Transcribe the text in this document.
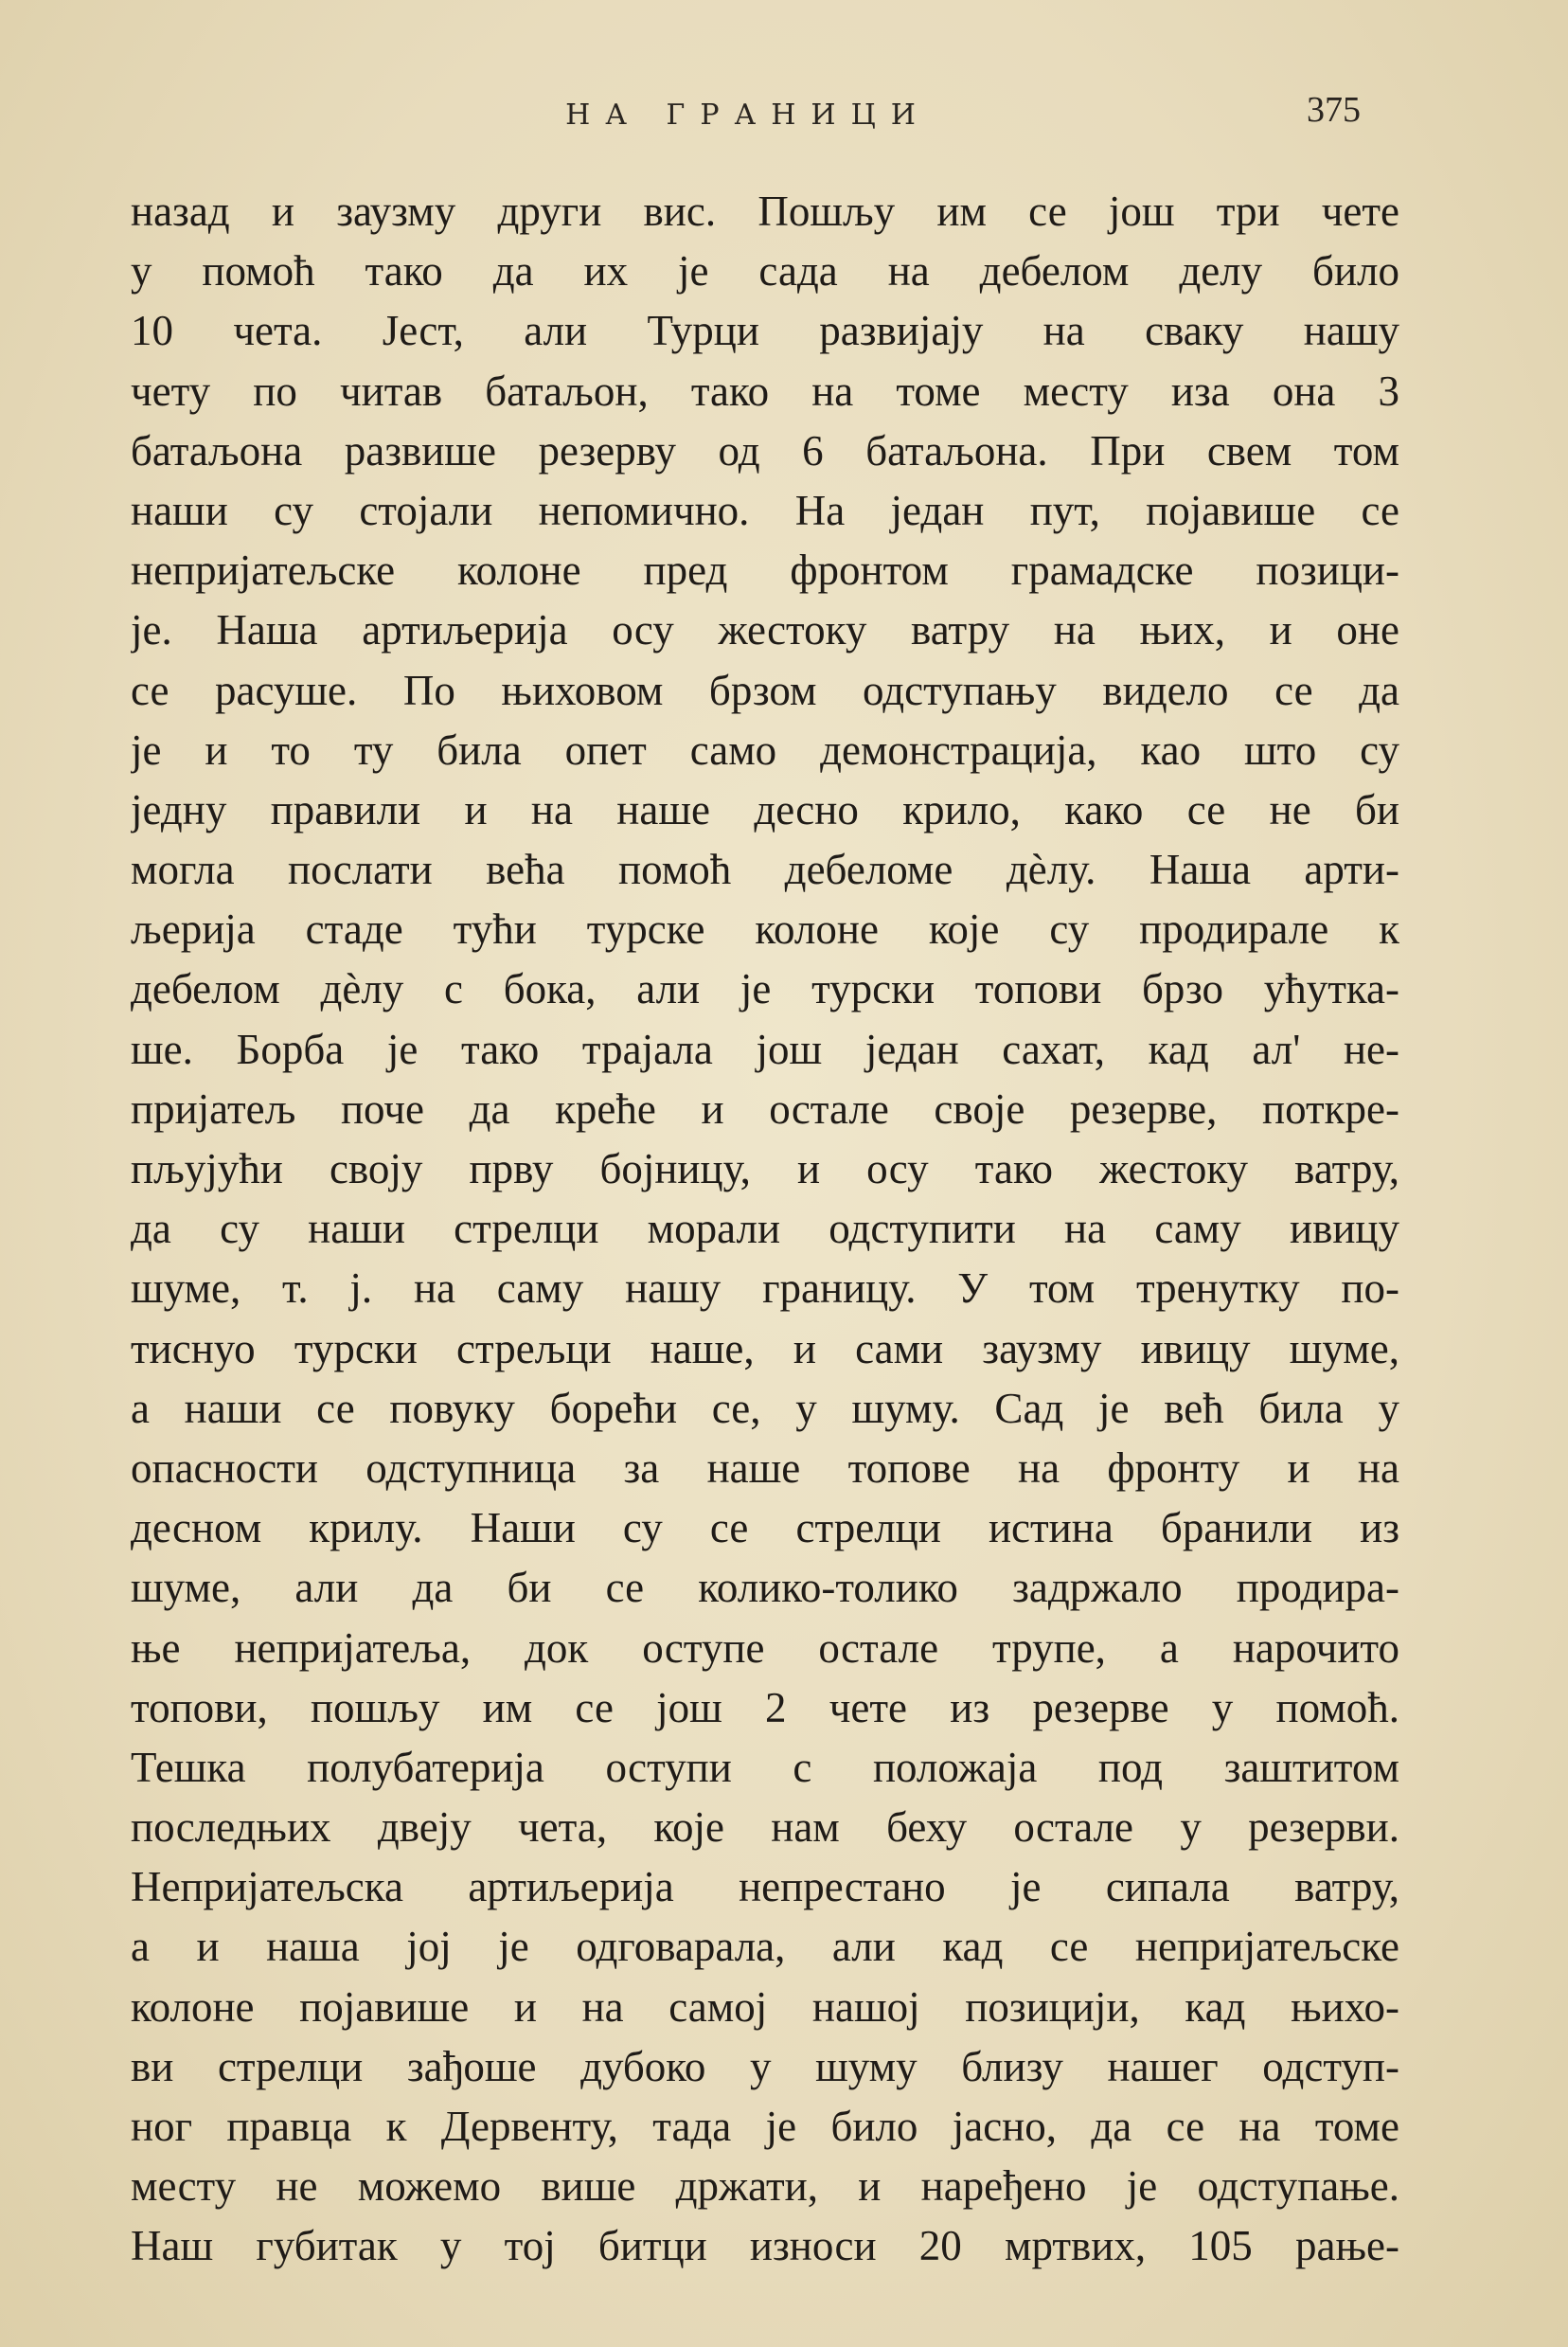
НА ГРАНИЦИ	375
назад и заузму други вис. Пошљу им се још три чете
у помоћ тако да их је сада на дебелом делу било
10 чета. Јест, али Турци развијају на сваку нашу
чету по читав батаљон, тако на томе месту иза она 3
батаљона развише резерву од 6 батаљона. При свем том
наши су стојали непомично. На један пут, појавише се
непријатељске колоне пред фронтом грамадске позици-
је. Наша артиљерија осу жестоку ватру на њих, и оне
се расуше. По њиховом брзом одступању видело се да
је и то ту била опет само демонстрација, као што су
једну правили и на наше десно крило, како се не би
могла послати већа помоћ дебеломе дѐлу. Наша арти-
љерија стаде тући турске колоне које су продирале к
дебелом дѐлу с бока, али је турски топови брзо ућутка-
ше. Борба је тако трајала још један сахат, кад ал' не-
пријатељ поче да креће и остале своје резерве, поткре-
пљујући своју прву бојницу, и осу тако жестоку ватру,
да су наши стрелци морали одступити на саму ивицу
шуме, т. ј. на саму нашу границу. У том тренутку по-
тиснуо турски стрељци наше, и сами заузму ивицу шуме,
а наши се повуку борећи се, у шуму. Сад је већ била у
опасности одступница за наше топове на фронту и на
десном крилу. Наши су се стрелци истина бранили из
шуме, али да би се колико-толико задржало продира-
ње непријатеља, док оступе остале трупе, а нарочито
топови, пошљу им се још 2 чете из резерве у помоћ.
Тешка полубатерија оступи с положаја под заштитом
последњих двеју чета, које нам беху остале у резерви.
Непријатељска артиљерија непрестано је сипала ватру,
а и наша јој је одговарала, али кад се непријатељске
колоне појавише и на самој нашој позицији, кад њихо-
ви стрелци зађоше дубоко у шуму близу нашег одступ-
ног правца к Дервенту, тада је било јасно, да се на томе
месту не можемо више држати, и наређено је одступање.
Наш губитак у тој битци износи 20 мртвих, 105 рање-
